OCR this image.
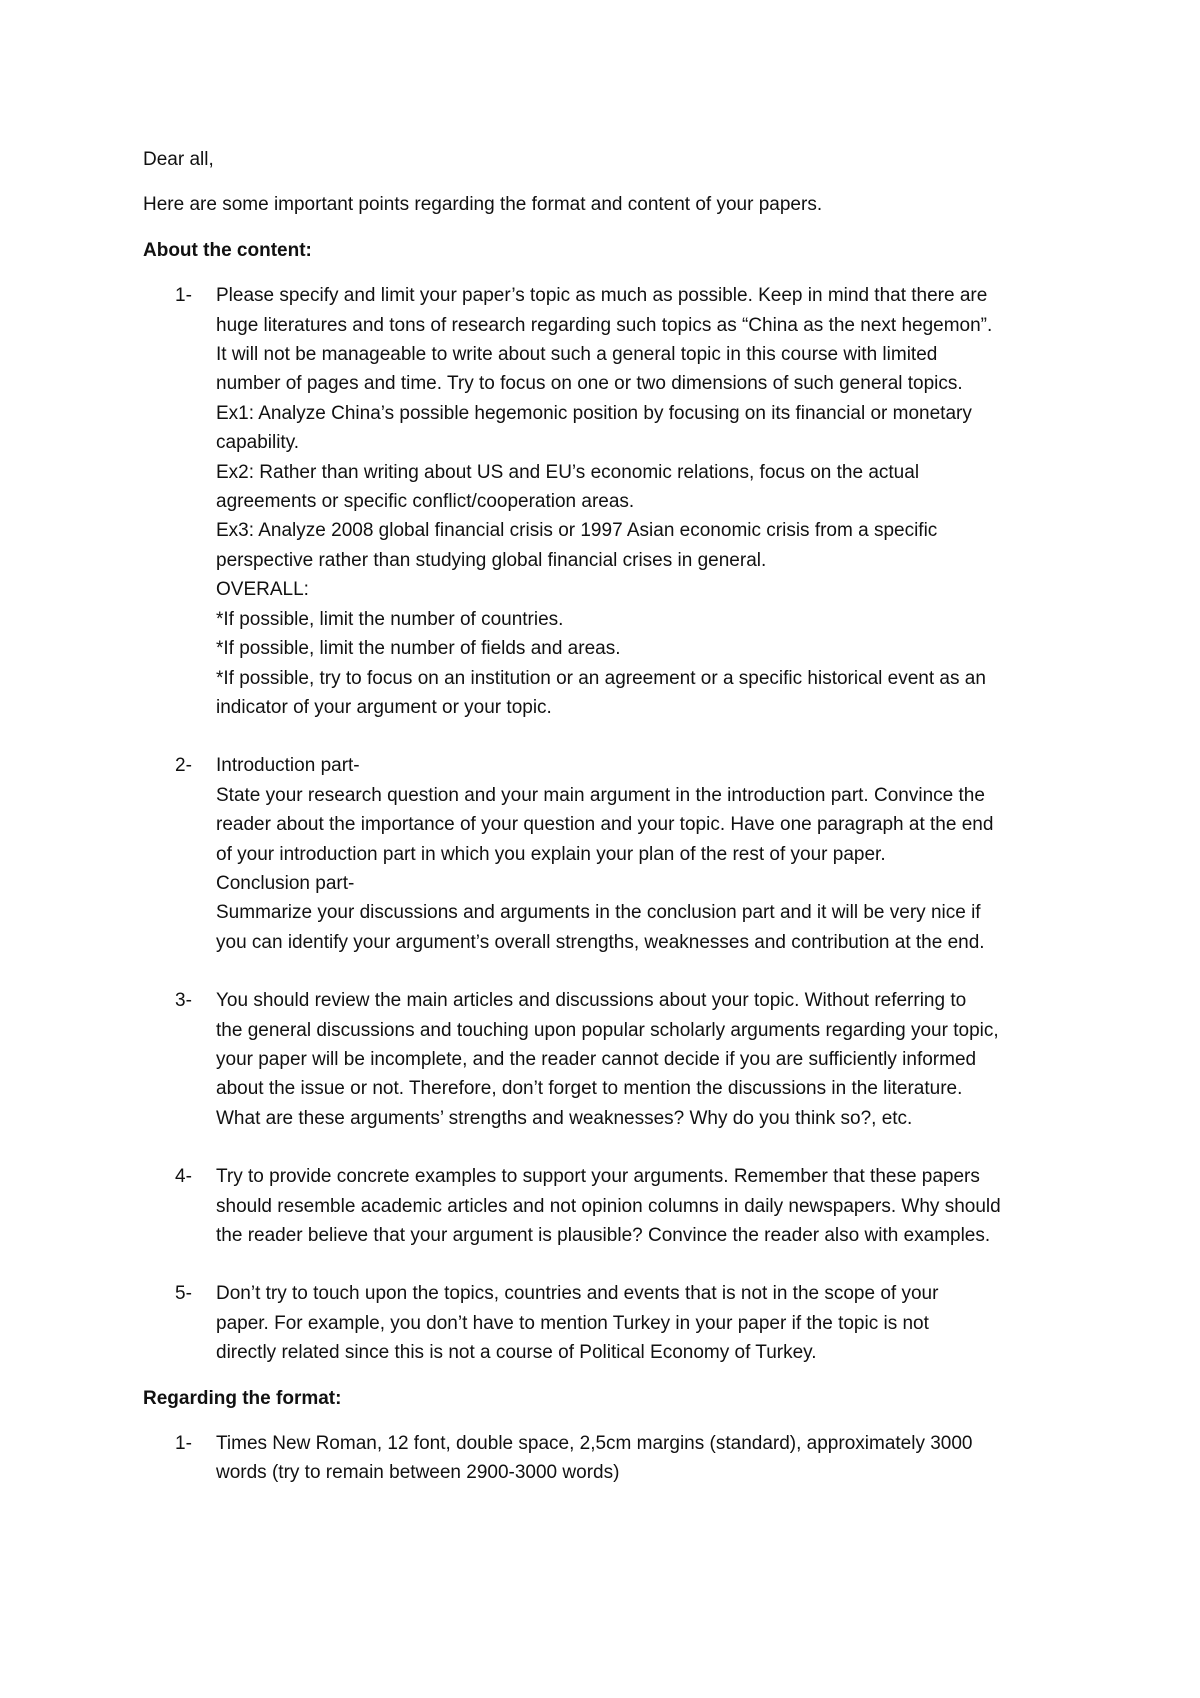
Dear all,

Here are some important points regarding the format and content of your papers.

About the content:

1- Please specify and limit your paper’s topic as much as possible. Keep in mind that there are
huge literatures and tons of research regarding such topics as “China as the next hegemon”.
It will not be manageable to write about such a general topic in this course with limited
number of pages and time. Try to focus on one or two dimensions of such general topics.
Ex1: Analyze China’s possible hegemonic position by focusing on its financial or monetary
capability.
Ex2: Rather than writing about US and EU’s economic relations, focus on the actual
agreements or specific conflict/cooperation areas.
Ex3: Analyze 2008 global financial crisis or 1997 Asian economic crisis from a specific
perspective rather than studying global financial crises in general.
OVERALL:
*If possible, limit the number of countries.
*If possible, limit the number of fields and areas.
*If possible, try to focus on an institution or an agreement or a specific historical event as an
indicator of your argument or your topic.
2- Introduction part-
State your research question and your main argument in the introduction part. Convince the
reader about the importance of your question and your topic. Have one paragraph at the end
of your introduction part in which you explain your plan of the rest of your paper.
Conclusion part-
Summarize your discussions and arguments in the conclusion part and it will be very nice if
you can identify your argument’s overall strengths, weaknesses and contribution at the end.
3- You should review the main articles and discussions about your topic. Without referring to
the general discussions and touching upon popular scholarly arguments regarding your topic,
your paper will be incomplete, and the reader cannot decide if you are sufficiently informed
about the issue or not. Therefore, don’t forget to mention the discussions in the literature.
What are these arguments’ strengths and weaknesses? Why do you think so?, etc.
4- Try to provide concrete examples to support your arguments. Remember that these papers
should resemble academic articles and not opinion columns in daily newspapers. Why should
the reader believe that your argument is plausible? Convince the reader also with examples.
5- Don’t try to touch upon the topics, countries and events that is not in the scope of your
paper. For example, you don’t have to mention Turkey in your paper if the topic is not
directly related since this is not a course of Political Economy of Turkey.

Regarding the format:

1- Times New Roman, 12 font, double space, 2,5cm margins (standard), approximately 3000
words (try to remain between 2900-3000 words)
